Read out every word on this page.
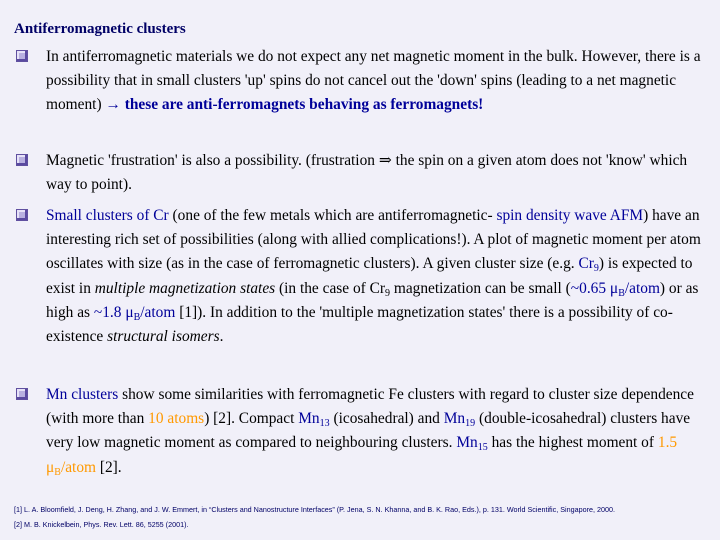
Antiferromagnetic clusters
In antiferromagnetic materials we do not expect any net magnetic moment in the bulk. However, there is a possibility that in small clusters 'up' spins do not cancel out the 'down' spins (leading to a net magnetic moment) → these are anti-ferromagnets behaving as ferromagnets!
Magnetic 'frustration' is also a possibility. (frustration ⇒ the spin on a given atom does not 'know' which way to point).
Small clusters of Cr (one of the few metals which are antiferromagnetic- spin density wave AFM) have an interesting rich set of possibilities (along with allied complications!). A plot of magnetic moment per atom oscillates with size (as in the case of ferromagnetic clusters). A given cluster size (e.g. $Cr_9$) is expected to exist in multiple magnetization states (in the case of $Cr_9$ magnetization can be small (~0.65 $\mu_B/atom$) or as high as ~1.8 $\mu_B$/atom [1]). In addition to the 'multiple magnetization states' there is a possibility of co-existence structural isomers.
Mn clusters show some similarities with ferromagnetic Fe clusters with regard to cluster size dependence (with more than 10 atoms) [2]. Compact $Mn_{13}$ (icosahedral) and $Mn_{19}$ (double-icosahedral) clusters have very low magnetic moment as compared to neighbouring clusters. $Mn_{15}$ has the highest moment of 1.5 $\mu_B$/atom [2].
[1] L. A. Bloomfield, J. Deng, H. Zhang, and J. W. Emmert, in “Clusters and Nanostructure Interfaces” (P. Jena, S. N. Khanna, and B. K. Rao, Eds.), p. 131. World Scientific, Singapore, 2000.
[2] M. B. Knickelbein, Phys. Rev. Lett. 86, 5255 (2001).
